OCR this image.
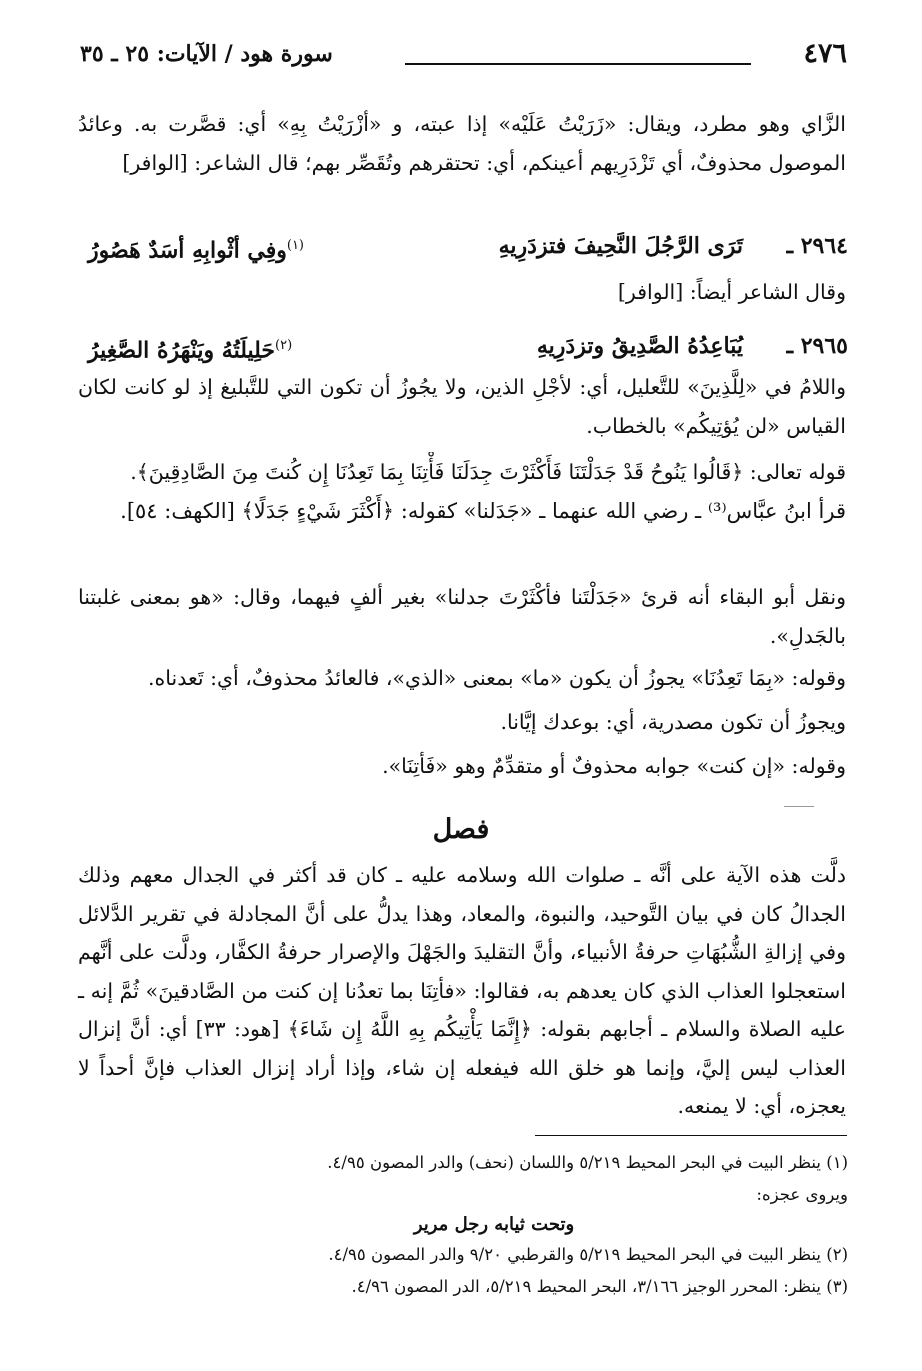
٤٧٦
سورة هود / الآيات: ٢٥ ـ ٣٥
الزَّاي وهو مطرد، ويقال: «زَرَيْتُ عَلَيْه» إذا عبته، و «أزْرَيْتُ بِهِ» أي: قصَّرت به. وعائدُ الموصول محذوفٌ، أي تَزْدَرِيهم أعينكم، أي: تحتقرهم وتُقَصِّر بهم؛ قال الشاعر: [الوافر]
٢٩٦٤ ـ
تَرَى الرَّجُلَ النَّحِيفَ فتزدَرِيهِ
$^{(١)}$وفِي أثْوابِهِ أسَدٌ هَصُورُ
وقال الشاعر أيضاً: [الوافر]
٢٩٦٥ ـ
يُبَاعِدُهُ الصَّدِيقُ وتزدَرِيهِ
$^{(٢)}$حَلِيلَتُهُ ويَنْهَرُهُ الصَّغِيرُ
واللامُ في «لِلَّذِينَ» للتَّعليل، أي: لأجْلِ الذين، ولا يجُوزُ أن تكون التي للتَّبليغ إذ لو كانت لكان القياس «لن يُؤتِيكُم» بالخطاب.
قوله تعالى: ﴿قَالُوا يَنُوحُ قَدْ جَدَلْتَنَا فَأَكْثَرْتَ جِدَلَنَا فَأْتِنَا بِمَا تَعِدُنَا إِن كُنتَ مِنَ الصَّادِقِينَ﴾.
قرأ ابنُ عبَّاس⁽³⁾ ـ رضي الله عنهما ـ «جَدَلنا» كقوله: ﴿أَكْثَرَ شَيْءٍ جَدَلًا﴾ [الكهف: ٥٤].
ونقل أبو البقاء أنه قرئ «جَدَلْتَنا فأكْثَرْتَ جدلنا» بغير ألفٍ فيهما، وقال: «هو بمعنى غلبتنا بالجَدلِ».
وقوله: «بِمَا تَعِدُنَا» يجوزُ أن يكون «ما» بمعنى «الذي»، فالعائدُ محذوفٌ، أي: تَعدناه.
ويجوزُ أن تكون مصدرية، أي: بوعدك إيَّانا.
وقوله: «إن كنت» جوابه محذوفٌ أو متقدِّمٌ وهو «فَأتِنَا».
فصل
دلَّت هذه الآية على أنَّه ـ صلوات الله وسلامه عليه ـ كان قد أكثر في الجدال معهم وذلك الجدالُ كان في بيان التَّوحيد، والنبوة، والمعاد، وهذا يدلُّ على أنَّ المجادلة في تقرير الدَّلائل وفي إزالةِ الشُّبُهَاتِ حرفةُ الأنبياء، وأنَّ التقليدَ والجَهْلَ والإصرار حرفةُ الكفَّار، ودلَّت على أنَّهم استعجلوا العذاب الذي كان يعدهم به، فقالوا: «فأتِنَا بما تعدُنا إن كنت من الصَّادقينَ» ثُمَّ إنه ـ عليه الصلاة والسلام ـ أجابهم بقوله: ﴿إِنَّمَا يَأْتِيكُم بِهِ اللَّهُ إِن شَاءَ﴾ [هود: ٣٣] أي: أنَّ إنزال العذاب ليس إليَّ، وإنما هو خلق الله فيفعله إن شاء، وإذا أراد إنزال العذاب فإنَّ أحداً لا يعجزه، أي: لا يمنعه.
(١) ينظر البيت في البحر المحيط ٥/٢١٩ واللسان (نحف) والدر المصون ٤/٩٥.
ويروى عجزه:
وتحت ثيابه رجل مرير
(٢) ينظر البيت في البحر المحيط ٥/٢١٩ والقرطبي ٩/٢٠ والدر المصون ٤/٩٥.
(٣) ينظر: المحرر الوجيز ٣/١٦٦، البحر المحيط ٥/٢١٩، الدر المصون ٤/٩٦.
